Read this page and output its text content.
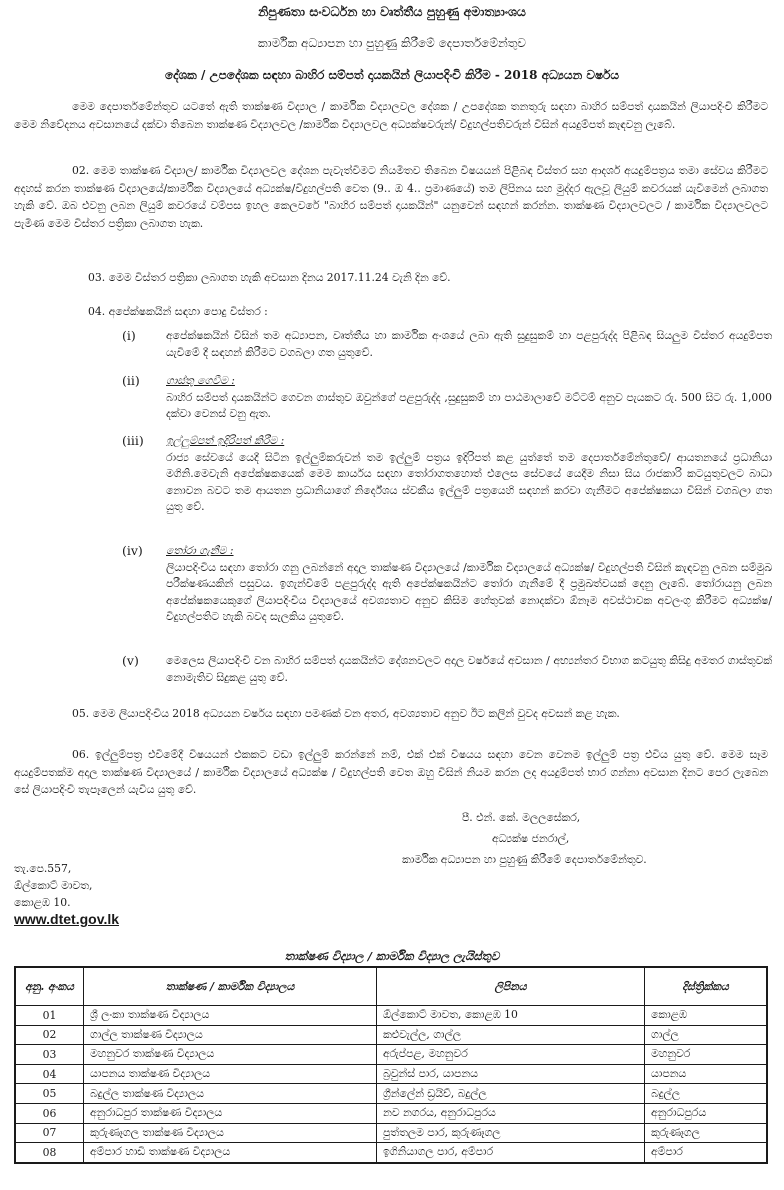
නිපුණතා සංවර්ධන හා වෘත්තීය පුහුණු අමාත්‍යාංශය
කාර්මික අධ්‍යාපන හා පුහුණු කිරීමේ දෙපාර්තමේන්තුව
දේශක / උපදේශක සඳහා බාහිර සම්පත් දායකයින් ලියාපදිංචි කිරීම - 2018 අධ්‍යයන වර්ෂය
මෙම දෙපාර්තමේන්තුව යටතේ ඇති තාක්ෂණ විද්‍යාල / කාර්මික විද්‍යාලවල දේශක / උපදේශක තනතුරු සඳහා බාහිර සම්පත් දායකයින් ලියාපදිංචි කිරීමට මෙම නිවේදනය අවසානයේ දක්වා තිබෙන තාක්ෂණ විද්‍යාලවල /කාර්මික විද්‍යාලවල අධ්‍යක්ෂවරුන්/ විදුහල්පතිවරුන් විසින් අයදුම්පත් කැඳවනු ලැබේ.
02. මෙම තාක්ෂණ විද්‍යාල/ කාර්මික විද්‍යාලවල දේශන පැවැත්වීමට නියමිතව තිබෙන විෂයයන් පිළිබඳ විස්තර සහ ආදර්ශ අයදුම්පත්‍රය තමා සේවය කිරීමට අදහස් කරන තාක්ෂණ විද්‍යාලයේ/කාර්මික විද්‍යාලයේ අධ්‍යක්ෂ/විදුහල්පති වෙත (9.. ඔ 4.. ප්‍රමාණයේ) තම ලිපිනය සහ මුද්දර ඇලවූ ලියුම් කවරයක් යැවීමෙන් ලබාගත හැකි වේ. ඔබ එවනු ලබන ලියුම් කවරයේ වම්පස ඉහල කෙලවරේ "බාහිර සම්පත් දායකයින්" යනුවෙන් සඳහන් කරන්න. තාක්ෂණ විද්‍යාලවලට / කාර්මික විද්‍යාලවලට පැමිණ මෙම විස්තර පත්‍රිකා ලබාගත හැක.
03. මෙම විස්තර පත්‍රිකා ලබාගත හැකි අවසාන දිනය 2017.11.24 වැනි දින වේ.
04. අපේක්ෂකයින් සඳහා පොදු විස්තර :
(i)	අපේක්ෂකයින් විසින් තම අධ්‍යාපන, වෘත්තීය හා කාර්මික අංශයේ ලබා ඇති සුදුසුකම් හා පළපුරුද්ද පිළිබඳ සියලුම විස්තර අයදුම්පත යැවීමේ දී සඳහන් කිරීමට වගබලා ගත යුතුවේ.
(ii)	ගාස්තු ගෙවීම :
බාහිර සම්පත් දායකයින්ට ගෙවන ගාස්තුව ඔවුන්ගේ පළපුරුද්ද ,සුදුසුකම් හා පාඨමාලාවේ මට්ටම් අනුව පැයකට රු. 500 සිට රු. 1,000 දක්වා වෙනස් වනු ඇත.
(iii)	ඉල්ලුම්පත් ඉදිරිපත් කිරීම :
රාජ්‍ය සේවයේ යෙදී සිටින ඉල්ලුම්කරුවන් තම ඉල්ලුම් පත්‍රය ඉදිරිපත් කළ යුත්තේ තම දෙපාර්තමේන්තුවේ/ ආයතනයේ ප්‍රධානියා මගිනි.මෙවැනි අපේක්ෂකයෙක් මෙම කාර්යය සඳහා තෝරාගතහොත් එලෙස සේවයේ යෙදීම නිසා සිය රාජකාරි කටයුතුවලට බාධා නොවන බවට තම ආයතන ප්‍රධානියාගේ නිර්දේශය ස්වකීය ඉල්ලුම් පත්‍රයෙහි සඳහන් කරවා ගැනීමට අපේක්ෂකයා විසින් වගබලා ගත යුතු වේ.
(iv)	තෝරා ගැනීම :
ලියාපදිංචිය සඳහා තෝරා ගනු ලබන්නේ අදාල තාක්ෂණ විද්‍යාලයේ /කාර්මික විද්‍යාලයේ අධ්‍යක්ෂ/ විදුහල්පති විසින් කැඳවනු ලබන සම්මුඛ පරීක්ෂණයකින් පසුවය. ඉගැන්වීමේ පළපුරුද්ද ඇති අපේක්ෂකයින්ට තෝරා ගැනීමේ දී ප්‍රමුඛත්වයක් දෙනු ලැබේ. තෝරායනු ලබන අපේක්ෂකයෙකුගේ ලියාපදිංචිය විද්‍යාලයේ අවශ්‍යතාව අනුව කිසිම හේතුවක් නොදක්වා ඕනෑම අවස්ථාවක අවලංගු කිරීමට අධ්‍යක්ෂ/විදුහල්පතිට හැකි බවද සැලකිය යුතුවේ.
(v)	මෙලෙස ලියාපදිංචි වන බාහිර සම්පත් දායකයින්ට දේශනවලට අදාල වර්ෂයේ අවසාන / අභ්‍යන්තර විභාග කටයුතු කිසිදු අමතර ගාස්තුවක් නොමැතිව සිදුකළ යුතු වේ.
05. මෙම ලියාපදිංචිය 2018 අධ්‍යයන වර්ෂය සඳහා පමණක් වන අතර, අවශ්‍යතාව අනුව ඊට කලින් වුවද අවසන් කළ හැක.
06. ඉල්ලුම්පත්‍ර එවීමේදී විෂයයන් එකකට වඩා ඉල්ලුම් කරන්නේ නම්, එක් එක් විෂයය සඳහා වෙන වෙනම ඉල්ලුම් පත්‍ර එවිය යුතු වේ. මෙම සෑම අයදුම්පතක්ම අදාල තාක්ෂණ විද්‍යාලයේ / කාර්මික විද්‍යාලයේ අධ්‍යක්ෂ / විදුහල්පති වෙත ඔහු විසින් නියම කරන ලද අයදුම්පත් භාර ගන්නා අවසාන දිනට පෙර ලැබෙන සේ ලියාපදිංචි තැපෑලෙන් යැවිය යුතු වේ.
පී. එන්. කේ. මලලසේකර,
අධ්‍යක්ෂ ජනරාල්,
කාර්මික අධ්‍යාපන හා පුහුණු කිරීමේ දෙපාර්තමේන්තුව.
තැ.පෙ.557,
ඕල්කොට් මාවත,
කොළඹ 10.
www.dtet.gov.lk
තාක්ෂණ විද්‍යාල / කාර්මික විද්‍යාල ලැයිස්තුව
අනු. අංකය	තාක්ෂණ / කාර්මික විද්‍යාලය	ලිපිනය	දිස්ත්‍රික්කය
01	ශ්‍රී ලංකා තාක්ෂණ විද්‍යාලය	ඕල්කොට් මාවත, කොළඹ 10	කොළඹ
02	ගාල්ල තාක්ෂණ විද්‍යාලය	කළුවැල්ල, ගාල්ල	ගාල්ල
03	මහනුවර තාක්ෂණ විද්‍යාලය	අරුප්පළ, මහනුවර	මහනුවර
04	යාපනය තාක්ෂණ විද්‍යාලය	බ්‍රවුන්ස් පාර, යාපනය	යාපනය
05	බදුල්ල තාක්ෂණ විද්‍යාලය	ග්‍රීන්ලේන් ඩ්‍රයිව්, බදුල්ල	බදුල්ල
06	අනුරාධපුර තාක්ෂණ විද්‍යාලය	නව නගරය, අනුරාධපුරය	අනුරාධපුරය
07	කුරුණෑගල තාක්ෂණ විද්‍යාලය	පුත්තලම පාර, කුරුණෑගල	කුරුණෑගල
08	අම්පාර හාඩි තාක්ෂණ විද්‍යාලය	ඉගිනියාගල පාර, අම්පාර	අම්පාර
